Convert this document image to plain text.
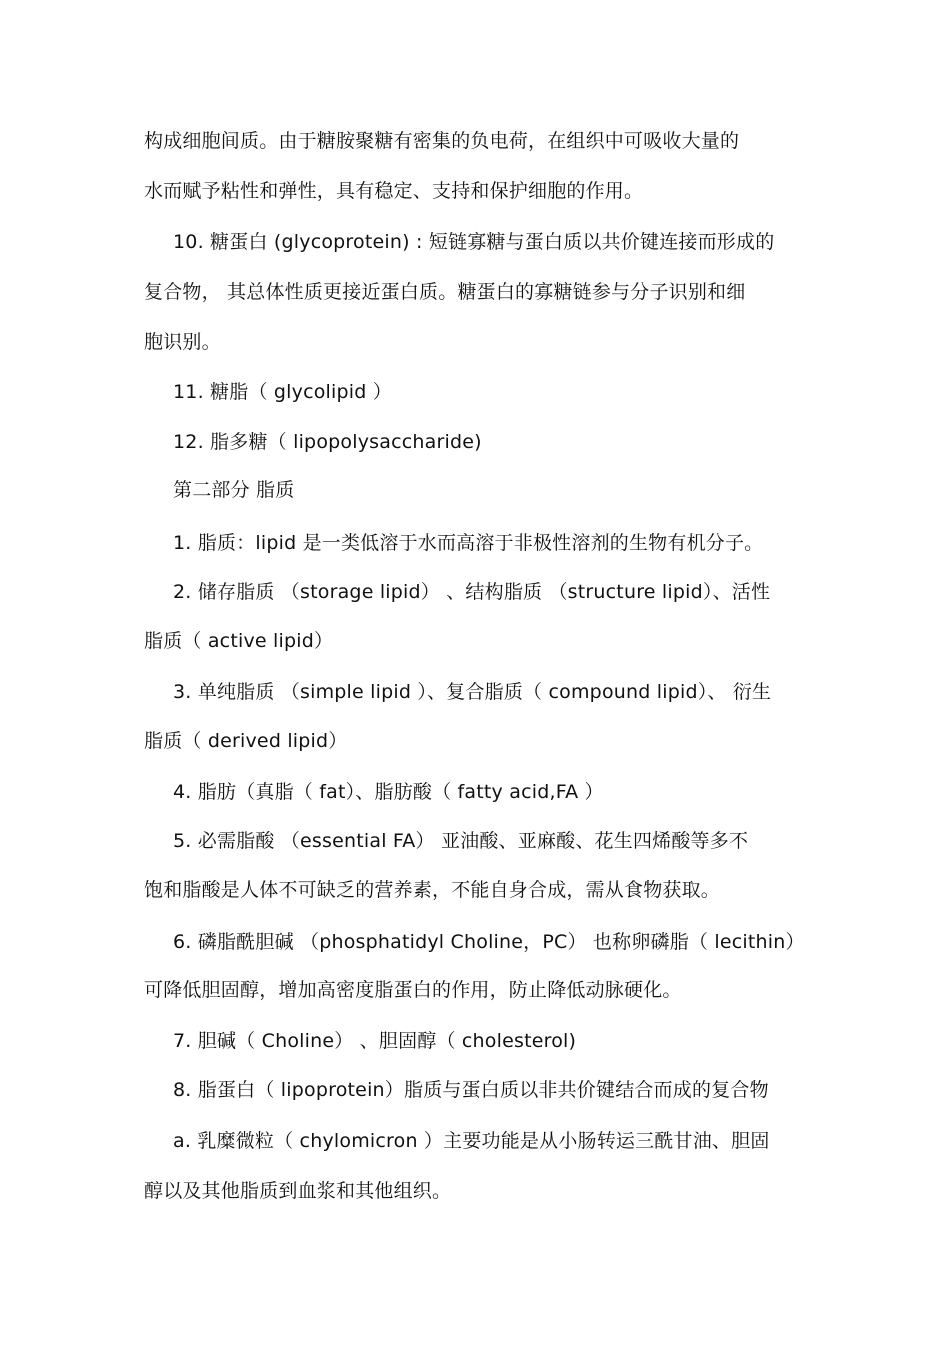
构成细胞间质。由于糖胺聚糖有密集的负电荷，在组织中可吸收大量的
水而赋予粘性和弹性，具有稳定、支持和保护细胞的作用。
10. 糖蛋白 (glycoprotein) : 短链寡糖与蛋白质以共价键连接而形成的
复合物， 其总体性质更接近蛋白质。糖蛋白的寡糖链参与分子识别和细
胞识别。
11. 糖脂（ glycolipid ）
12. 脂多糖（ lipopolysaccharide)
第二部分 脂质
1. 脂质：lipid 是一类低溶于水而高溶于非极性溶剂的生物有机分子。
2. 储存脂质 （storage lipid） 、结构脂质 （structure lipid）、活性
脂质（ active lipid）
3. 单纯脂质 （simple lipid ）、复合脂质（ compound lipid）、 衍生
脂质（ derived lipid）
4. 脂肪（真脂（ fat）、脂肪酸（ fatty acid,FA ）
5. 必需脂酸 （essential FA） 亚油酸、亚麻酸、花生四烯酸等多不
饱和脂酸是人体不可缺乏的营养素，不能自身合成，需从食物获取。
6. 磷脂酰胆碱 （phosphatidyl Choline，PC） 也称卵磷脂（ lecithin）
可降低胆固醇，增加高密度脂蛋白的作用，防止降低动脉硬化。
7. 胆碱（ Choline） 、胆固醇（ cholesterol)
8. 脂蛋白（ lipoprotein）脂质与蛋白质以非共价键结合而成的复合物
a. 乳糜微粒（ chylomicron ）主要功能是从小肠转运三酰甘油、胆固
醇以及其他脂质到血浆和其他组织。
